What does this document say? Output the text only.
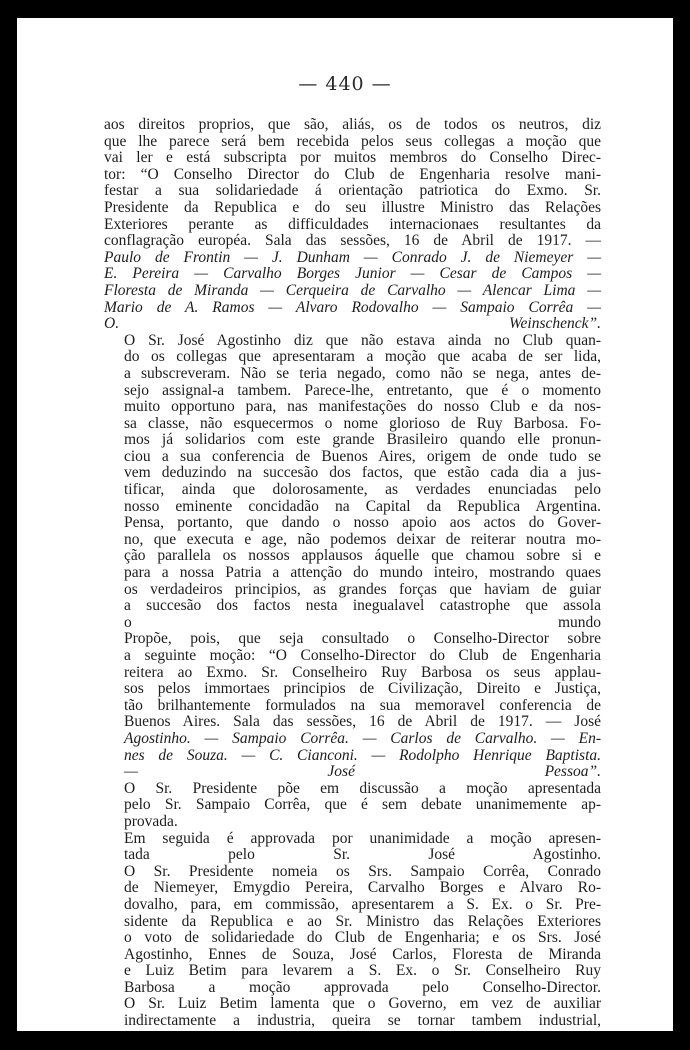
— 440 —

aos direitos proprios, que são, aliás, os de todos os neutros, diz
que lhe parece será bem recebida pelos seus collegas a moção que
vai ler e está subscripta por muitos membros do Conselho Direc-
tor: “O Conselho Director do Club de Engenharia resolve mani-
festar a sua solidariedade á orientação patriotica do Exmo. Sr.
Presidente da Republica e do seu illustre Ministro das Relações
Exteriores perante as difficuldades internacionaes resultantes da
conflagração européa. Sala das sessões, 16 de Abril de 1917. —
Paulo de Frontin — J. Dunham — Conrado J. de Niemeyer —
E. Pereira — Carvalho Borges Junior — Cesar de Campos —
Floresta de Miranda — Cerqueira de Carvalho — Alencar Lima —
Mario de A. Ramos — Alvaro Rodovalho — Sampaio Corrêa —
O. Weinschenck”.

O Sr. José Agostinho diz que não estava ainda no Club quan-
do os collegas que apresentaram a moção que acaba de ser lida,
a subscreveram. Não se teria negado, como não se nega, antes de-
sejo assignal-a tambem. Parece-lhe, entretanto, que é o momento
muito opportuno para, nas manifestações do nosso Club e da nos-
sa classe, não esquecermos o nome glorioso de Ruy Barbosa. Fo-
mos já solidarios com este grande Brasileiro quando elle pronun-
ciou a sua conferencia de Buenos Aires, origem de onde tudo se
vem deduzindo na succesão dos factos, que estão cada dia a jus-
tificar, ainda que dolorosamente, as verdades enunciadas pelo
nosso eminente concidadão na Capital da Republica Argentina.

Pensa, portanto, que dando o nosso apoio aos actos do Gover-
no, que executa e age, não podemos deixar de reiterar noutra mo-
ção parallela os nossos applausos áquelle que chamou sobre si e
para a nossa Patria a attenção do mundo inteiro, mostrando quaes
os verdadeiros principios, as grandes forças que haviam de guiar
a succesão dos factos nesta inegualavel catastrophe que assola
o mundo

Propõe, pois, que seja consultado o Conselho-Director sobre
a seguinte moção: “O Conselho-Director do Club de Engenharia
reitera ao Exmo. Sr. Conselheiro Ruy Barbosa os seus applau-
sos pelos immortaes principios de Civilização, Direito e Justiça,
tão brilhantemente formulados na sua memoravel conferencia de
Buenos Aires. Sala das sessões, 16 de Abril de 1917. — José
Agostinho. — Sampaio Corrêa. — Carlos de Carvalho. — En-
nes de Souza. — C. Cianconi. — Rodolpho Henrique Baptista.
— José Pessoa”.

O Sr. Presidente põe em discussão a moção apresentada
pelo Sr. Sampaio Corrêa, que é sem debate unanimemente ap-
provada.

Em seguida é approvada por unanimidade a moção apresen-
tada pelo Sr. José Agostinho.

O Sr. Presidente nomeia os Srs. Sampaio Corrêa, Conrado
de Niemeyer, Emygdio Pereira, Carvalho Borges e Alvaro Ro-
dovalho, para, em commissão, apresentarem a S. Ex. o Sr. Pre-
sidente da Republica e ao Sr. Ministro das Relações Exteriores
o voto de solidariedade do Club de Engenharia; e os Srs. José
Agostinho, Ennes de Souza, José Carlos, Floresta de Miranda
e Luiz Betim para levarem a S. Ex. o Sr. Conselheiro Ruy
Barbosa a moção approvada pelo Conselho-Director.

O Sr. Luiz Betim lamenta que o Governo, em vez de auxiliar
indirectamente a industria, queira se tornar tambem industrial,
